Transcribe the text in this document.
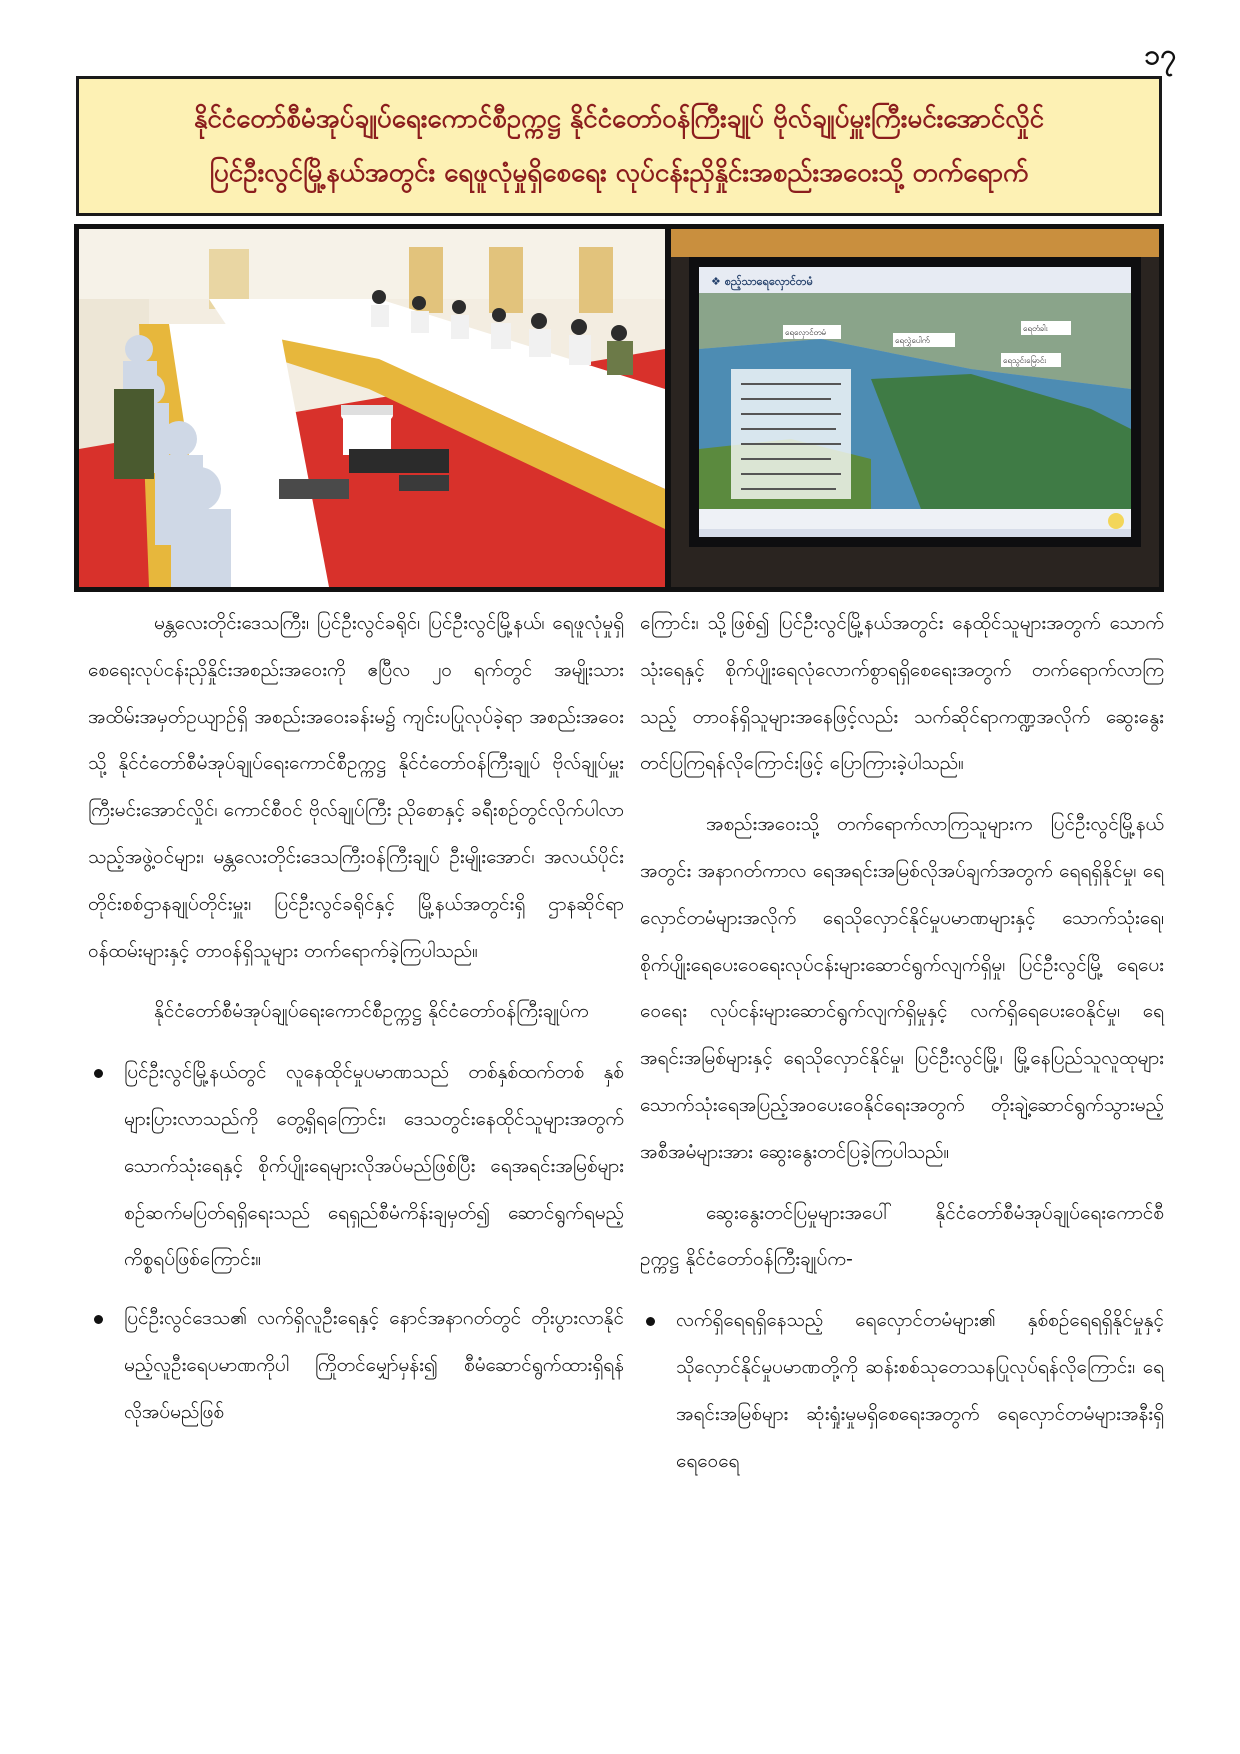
၁၇
နိုင်ငံတော်စီမံအုပ်ချုပ်ရေးကောင်စီဥက္ကဋ္ဌ နိုင်ငံတော်ဝန်ကြီးချုပ် ဗိုလ်ချုပ်မှူးကြီးမင်းအောင်လှိုင်
ပြင်ဦးလွင်မြို့နယ်အတွင်း ရေဖူလုံမှုရှိစေရေး လုပ်ငန်းညှိနှိုင်းအစည်းအဝေးသို့ တက်ရောက်
❖ စည့်သာရေလှောင်တမံ
ရေလှောင်တမံ
ရေလွှဲပေါက်
ရေတံခါး
ရေသွင်းမြောင်း

မန္တလေးတိုင်းဒေသကြီး၊ ပြင်ဦးလွင်ခရိုင်၊ ပြင်ဦးလွင်မြို့နယ်၊ ရေဖူလုံမှုရှိစေရေးလုပ်ငန်းညှိနှိုင်းအစည်းအဝေးကို ဧပြီလ ၂၀ ရက်တွင် အမျိုးသားအထိမ်းအမှတ်ဥယျာဉ်ရှိ အစည်းအဝေးခန်းမ၌ ကျင်းပပြုလုပ်ခဲ့ရာ အစည်းအဝေးသို့ နိုင်ငံတော်စီမံအုပ်ချုပ်ရေးကောင်စီဥက္ကဋ္ဌ နိုင်ငံတော်ဝန်ကြီးချုပ် ဗိုလ်ချုပ်မှူးကြီးမင်းအောင်လှိုင်၊ ကောင်စီဝင် ဗိုလ်ချုပ်ကြီး ညိုစောနှင့် ခရီးစဉ်တွင်လိုက်ပါလာသည့်အဖွဲ့ဝင်များ၊ မန္တလေးတိုင်းဒေသကြီးဝန်ကြီးချုပ် ဦးမျိုးအောင်၊ အလယ်ပိုင်းတိုင်းစစ်ဌာနချုပ်တိုင်းမှူး၊ ပြင်ဦးလွင်ခရိုင်နှင့် မြို့နယ်အတွင်းရှိ ဌာနဆိုင်ရာဝန်ထမ်းများနှင့် တာဝန်ရှိသူများ တက်ရောက်ခဲ့ကြပါသည်။

နိုင်ငံတော်စီမံအုပ်ချုပ်ရေးကောင်စီဥက္ကဋ္ဌ နိုင်ငံတော်ဝန်ကြီးချုပ်က

ပြင်ဦးလွင်မြို့နယ်တွင် လူနေထိုင်မှုပမာဏသည် တစ်နှစ်ထက်တစ် နှစ်များပြားလာသည်ကို တွေ့ရှိရကြောင်း၊ ဒေသတွင်းနေထိုင်သူများအတွက် သောက်သုံးရေနှင့် စိုက်ပျိုးရေများလိုအပ်မည်ဖြစ်ပြီး ရေအရင်းအမြစ်များ စဉ်ဆက်မပြတ်ရရှိရေးသည် ရေရှည်စီမံကိန်းချမှတ်၍ ဆောင်ရွက်ရမည့်ကိစ္စရပ်ဖြစ်ကြောင်း။
ပြင်ဦးလွင်ဒေသ၏ လက်ရှိလူဦးရေနှင့် နောင်အနာဂတ်တွင် တိုးပွားလာနိုင်မည့်လူဦးရေပမာဏကိုပါ ကြိုတင်မျှော်မှန်း၍ စီမံဆောင်ရွက်ထားရှိရန် လိုအပ်မည်ဖြစ်

ကြောင်း၊ သို့ဖြစ်၍ ပြင်ဦးလွင်မြို့နယ်အတွင်း နေထိုင်သူများအတွက် သောက်သုံးရေနှင့် စိုက်ပျိုးရေလုံလောက်စွာရရှိစေရေးအတွက် တက်ရောက်လာကြသည့် တာဝန်ရှိသူများအနေဖြင့်လည်း သက်ဆိုင်ရာကဏ္ဍအလိုက် ဆွေးနွေးတင်ပြကြရန်လိုကြောင်းဖြင့် ပြောကြားခဲ့ပါသည်။

အစည်းအဝေးသို့ တက်ရောက်လာကြသူများက ပြင်ဦးလွင်မြို့နယ်အတွင်း အနာဂတ်ကာလ ရေအရင်းအမြစ်လိုအပ်ချက်အတွက် ရေရရှိနိုင်မှု၊ ရေလှောင်တမံများအလိုက် ရေသိုလှောင်နိုင်မှုပမာဏများနှင့် သောက်သုံးရေ၊ စိုက်ပျိုးရေပေးဝေရေးလုပ်ငန်းများဆောင်ရွက်လျက်ရှိမှု၊ ပြင်ဦးလွင်မြို့ ရေပေးဝေရေး လုပ်ငန်းများဆောင်ရွက်လျက်ရှိမှုနှင့် လက်ရှိရေပေးဝေနိုင်မှု၊ ရေအရင်းအမြစ်များနှင့် ရေသိုလှောင်နိုင်မှု၊ ပြင်ဦးလွင်မြို့၊ မြို့နေပြည်သူလူထုများ သောက်သုံးရေအပြည့်အဝပေးဝေနိုင်ရေးအတွက် တိုးချဲ့ဆောင်ရွက်သွားမည့်အစီအမံများအား ဆွေးနွေးတင်ပြခဲ့ကြပါသည်။

ဆွေးနွေးတင်ပြမှုများအပေါ် နိုင်ငံတော်စီမံအုပ်ချုပ်ရေးကောင်စီဥက္ကဋ္ဌ နိုင်ငံတော်ဝန်ကြီးချုပ်က-

လက်ရှိရေရရှိနေသည့် ရေလှောင်တမံများ၏ နှစ်စဉ်ရေရရှိနိုင်မှုနှင့် သိုလှောင်နိုင်မှုပမာဏတို့ကို ဆန်းစစ်သုတေသနပြုလုပ်ရန်လိုကြောင်း၊ ရေအရင်းအမြစ်များ ဆုံးရှုံးမှုမရှိစေရေးအတွက် ရေလှောင်တမံများအနီးရှိ ရေဝေရေ
